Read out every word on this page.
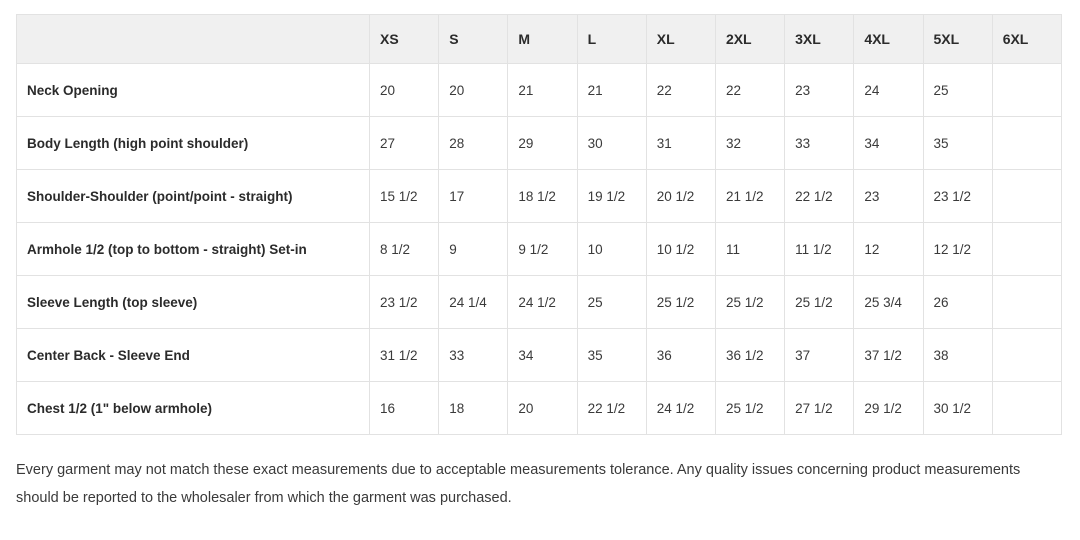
	XS	S	M	L	XL	2XL	3XL	4XL	5XL	6XL
Neck Opening	20	20	21	21	22	22	23	24	25	
Body Length (high point shoulder)	27	28	29	30	31	32	33	34	35	
Shoulder-Shoulder (point/point - straight)	15 1/2	17	18 1/2	19 1/2	20 1/2	21 1/2	22 1/2	23	23 1/2	
Armhole 1/2 (top to bottom - straight) Set-in	8 1/2	9	9 1/2	10	10 1/2	11	11 1/2	12	12 1/2	
Sleeve Length (top sleeve)	23 1/2	24 1/4	24 1/2	25	25 1/2	25 1/2	25 1/2	25 3/4	26	
Center Back - Sleeve End	31 1/2	33	34	35	36	36 1/2	37	37 1/2	38	
Chest 1/2 (1" below armhole)	16	18	20	22 1/2	24 1/2	25 1/2	27 1/2	29 1/2	30 1/2	
Every garment may not match these exact measurements due to acceptable measurements tolerance. Any quality issues concerning product measurements should be reported to the wholesaler from which the garment was purchased.
